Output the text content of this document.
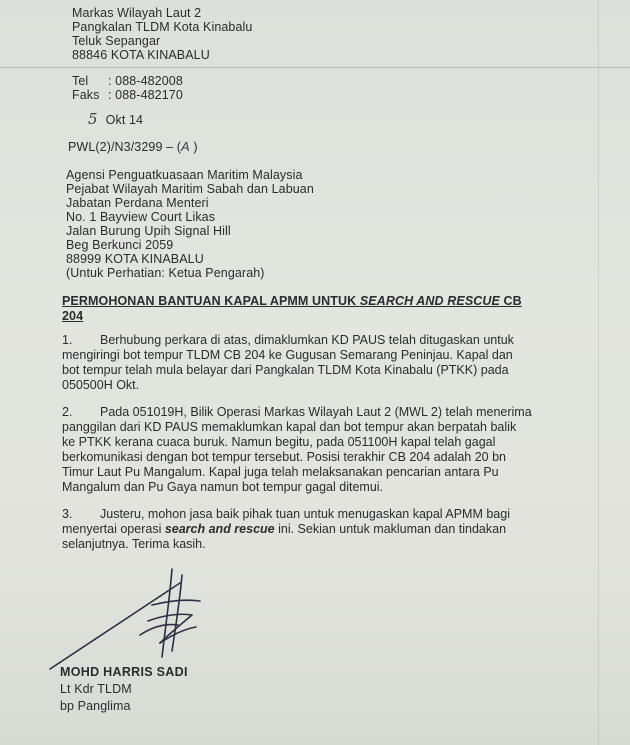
Markas Wilayah Laut 2
Pangkalan TLDM Kota Kinabalu
Teluk Sepangar
88846 KOTA KINABALU
Tel	: 088-482008
Faks : 088-482170
5 Okt 14
PWL(2)/N3/3299 – (A )
Agensi Penguatkuasaan Maritim Malaysia
Pejabat Wilayah Maritim Sabah dan Labuan
Jabatan Perdana Menteri
No. 1 Bayview Court Likas
Jalan Burung Upih Signal Hill
Beg Berkunci 2059
88999 KOTA KINABALU
(Untuk Perhatian: Ketua Pengarah)
PERMOHONAN BANTUAN KAPAL APMM UNTUK SEARCH AND RESCUE CB
204
1. Berhubung perkara di atas, dimaklumkan KD PAUS telah ditugaskan untuk
mengiringi bot tempur TLDM CB 204 ke Gugusan Semarang Peninjau. Kapal dan
bot tempur telah mula belayar dari Pangkalan TLDM Kota Kinabalu (PTKK) pada
050500H Okt.
2. Pada 051019H, Bilik Operasi Markas Wilayah Laut 2 (MWL 2) telah menerima
panggilan dari KD PAUS memaklumkan kapal dan bot tempur akan berpatah balik
ke PTKK kerana cuaca buruk. Namun begitu, pada 051100H kapal telah gagal
berkomunikasi dengan bot tempur tersebut. Posisi terakhir CB 204 adalah 20 bn
Timur Laut Pu Mangalum. Kapal juga telah melaksanakan pencarian antara Pu
Mangalum dan Pu Gaya namun bot tempur gagal ditemui.
3. Justeru, mohon jasa baik pihak tuan untuk menugaskan kapal APMM bagi
menyertai operasi search and rescue ini. Sekian untuk makluman dan tindakan
selanjutnya. Terima kasih.
MOHD HARRIS SADI
Lt Kdr TLDM
bp Panglima
